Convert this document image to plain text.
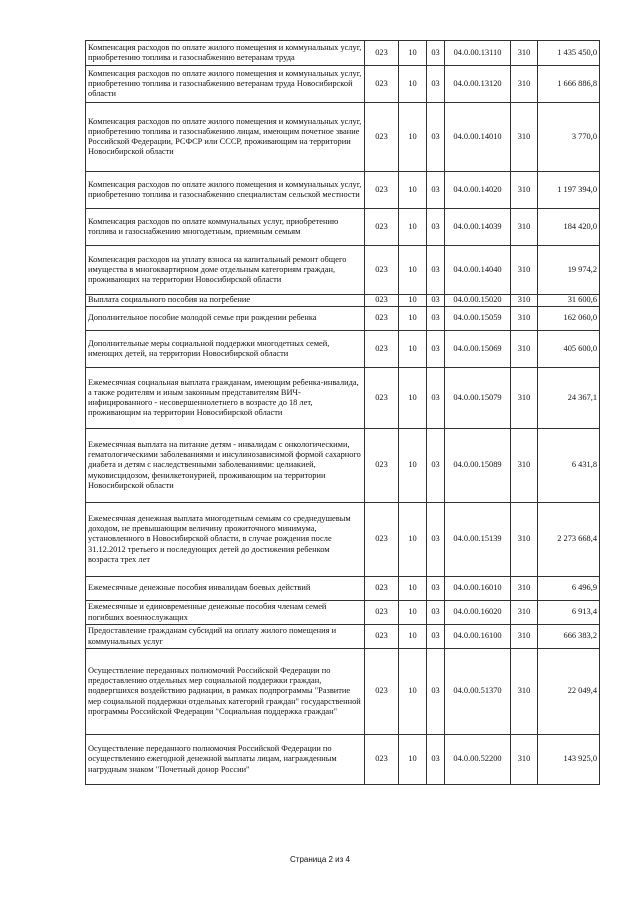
Компенсация расходов по оплате жилого помещения и коммунальных услуг, приобретению топлива и газоснабжению ветеранам труда	023	10	03	04.0.00.13110	310	1 435 450,0
Компенсация расходов по оплате жилого помещения и коммунальных услуг, приобретению топлива и газоснабжению ветеранам труда Новосибирской области	023	10	03	04.0.00.13120	310	1 666 886,8
Компенсация расходов по оплате жилого помещения и коммунальных услуг, приобретению топлива и газоснабжению лицам, имеющим почетное звание Российской Федерации, РСФСР или СССР, проживающим на территории Новосибирской области	023	10	03	04.0.00.14010	310	3 770,0
Компенсация расходов по оплате жилого помещения и коммунальных услуг, приобретению топлива и газоснабжению специалистам сельской местности	023	10	03	04.0.00.14020	310	1 197 394,0
Компенсация расходов по оплате коммунальных услуг, приобретению топлива и газоснабжению многодетным, приемным семьям	023	10	03	04.0.00.14039	310	184 420,0
Компенсация расходов на уплату взноса на капитальный ремонт общего имущества в многоквартирном доме отдельным категориям граждан, проживающих на территории Новосибирской области	023	10	03	04.0.00.14040	310	19 974,2
Выплата социального пособия на погребение	023	10	03	04.0.00.15020	310	31 600,6
Дополнительное пособие молодой семье при рождении ребенка	023	10	03	04.0.00.15059	310	162 060,0
Дополнительные меры социальной поддержки многодетных семей, имеющих детей, на территории Новосибирской области	023	10	03	04.0.00.15069	310	405 600,0
Ежемесячная социальная выплата гражданам, имеющим ребенка-инвалида, а также родителям и иным законным представителям ВИЧ-инфицированного - несовершеннолетнего в возрасте до 18 лет, проживающим на территории Новосибирской области	023	10	03	04.0.00.15079	310	24 367,1
Ежемесячная выплата на питание детям - инвалидам с онкологическими, гематологическими заболеваниями и инсулинозависимой формой сахарного диабета и детям с наследственными заболеваниями: целиакией, муковисцидозом, фенилкетонурией, проживающим на территории Новосибирской области	023	10	03	04.0.00.15089	310	6 431,8
Ежемесячная денежная выплата многодетным семьям со среднедушевым доходом, не превышающим величину прожиточного минимума, установленного в Новосибирской области, в случае рождения после 31.12.2012 третьего и последующих детей до достижения ребенком возраста трех лет	023	10	03	04.0.00.15139	310	2 273 668,4
Ежемесячные денежные пособия инвалидам боевых действий	023	10	03	04.0.00.16010	310	6 496,9
Ежемесячные и единовременные денежные пособия членам семей погибших военнослужащих	023	10	03	04.0.00.16020	310	6 913,4
Предоставление гражданам субсидий на оплату жилого помещения и коммунальных услуг	023	10	03	04.0.00.16100	310	666 383,2
Осуществление переданных полномочий Российской Федерации по предоставлению отдельных мер социальной поддержки граждан, подвергшихся воздействию радиации, в рамках подпрограммы "Развитие мер социальной поддержки отдельных категорий граждан" государственной программы Российской Федерации "Социальная поддержка граждан"	023	10	03	04.0.00.51370	310	22 049,4
Осуществление переданного полномочия Российской Федерации по осуществлению ежегодной денежной выплаты лицам, награжденным нагрудным знаком "Почетный донор России"	023	10	03	04.0.00.52200	310	143 925,0
Страница 2 из 4
